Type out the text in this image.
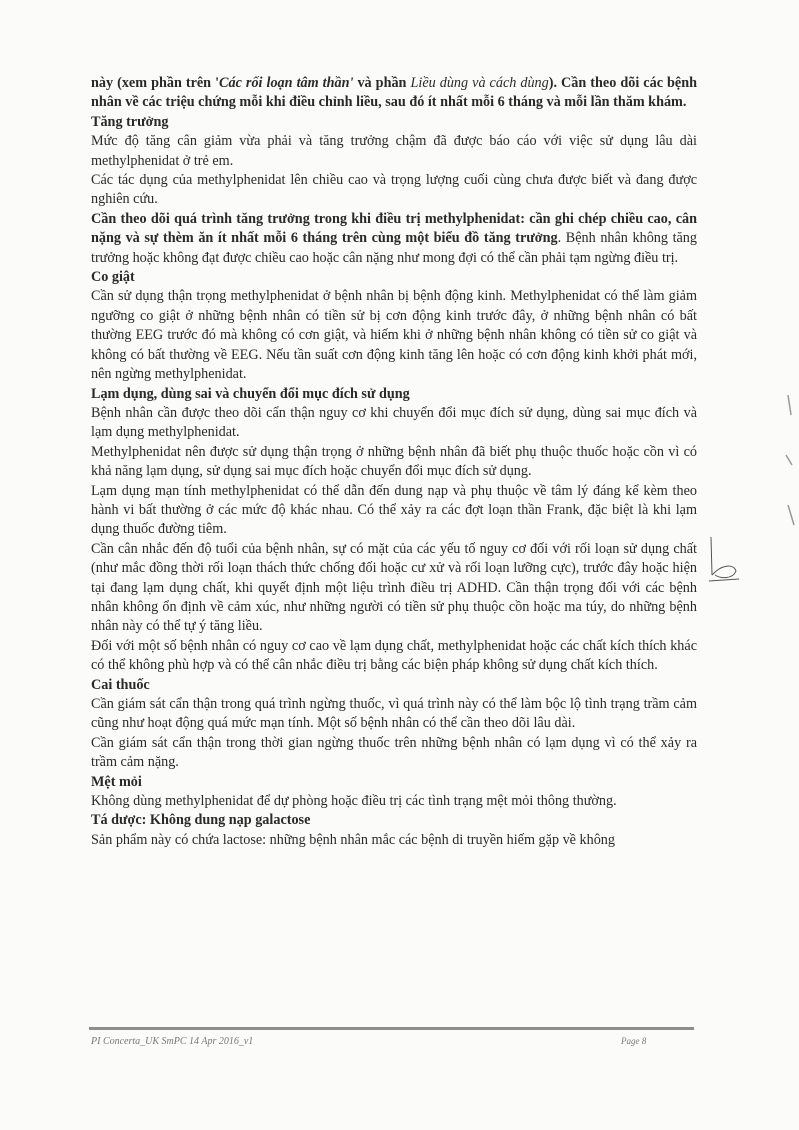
này (xem phần trên 'Các rối loạn tâm thần' và phần Liều dùng và cách dùng). Cần theo dõi các bệnh nhân về các triệu chứng mỗi khi điều chỉnh liều, sau đó ít nhất mỗi 6 tháng và mỗi lần thăm khám.

Tăng trưởng

Mức độ tăng cân giảm vừa phải và tăng trưởng chậm đã được báo cáo với việc sử dụng lâu dài methylphenidat ở trẻ em.

Các tác dụng của methylphenidat lên chiều cao và trọng lượng cuối cùng chưa được biết và đang được nghiên cứu.

Cần theo dõi quá trình tăng trưởng trong khi điều trị methylphenidat: cần ghi chép chiều cao, cân nặng và sự thèm ăn ít nhất mỗi 6 tháng trên cùng một biểu đồ tăng trưởng. Bệnh nhân không tăng trưởng hoặc không đạt được chiều cao hoặc cân nặng như mong đợi có thể cần phải tạm ngừng điều trị.

Co giật

Cần sử dụng thận trọng methylphenidat ở bệnh nhân bị bệnh động kinh. Methylphenidat có thể làm giảm ngưỡng co giật ở những bệnh nhân có tiền sử bị cơn động kinh trước đây, ở những bệnh nhân có bất thường EEG trước đó mà không có cơn giật, và hiếm khi ở những bệnh nhân không có tiền sử co giật và không có bất thường về EEG. Nếu tần suất cơn động kinh tăng lên hoặc có cơn động kinh khởi phát mới, nên ngừng methylphenidat.

Lạm dụng, dùng sai và chuyển đổi mục đích sử dụng

Bệnh nhân cần được theo dõi cẩn thận nguy cơ khi chuyển đổi mục đích sử dụng, dùng sai mục đích và lạm dụng methylphenidat.

Methylphenidat nên được sử dụng thận trọng ở những bệnh nhân đã biết phụ thuộc thuốc hoặc cồn vì có khả năng lạm dụng, sử dụng sai mục đích hoặc chuyển đổi mục đích sử dụng.

Lạm dụng mạn tính methylphenidat có thể dẫn đến dung nạp và phụ thuộc về tâm lý đáng kể kèm theo hành vi bất thường ở các mức độ khác nhau. Có thể xảy ra các đợt loạn thần Frank, đặc biệt là khi lạm dụng thuốc đường tiêm.

Cần cân nhắc đến độ tuổi của bệnh nhân, sự có mặt của các yếu tố nguy cơ đối với rối loạn sử dụng chất (như mắc đồng thời rối loạn thách thức chống đối hoặc cư xử và rối loạn lưỡng cực), trước đây hoặc hiện tại đang lạm dụng chất, khi quyết định một liệu trình điều trị ADHD. Cần thận trọng đối với các bệnh nhân không ổn định về cảm xúc, như những người có tiền sử phụ thuộc cồn hoặc ma túy, do những bệnh nhân này có thể tự ý tăng liều.

Đối với một số bệnh nhân có nguy cơ cao về lạm dụng chất, methylphenidat hoặc các chất kích thích khác có thể không phù hợp và có thể cân nhắc điều trị bằng các biện pháp không sử dụng chất kích thích.

Cai thuốc

Cần giám sát cẩn thận trong quá trình ngừng thuốc, vì quá trình này có thể làm bộc lộ tình trạng trầm cảm cũng như hoạt động quá mức mạn tính. Một số bệnh nhân có thể cần theo dõi lâu dài.

Cần giám sát cẩn thận trong thời gian ngừng thuốc trên những bệnh nhân có lạm dụng vì có thể xảy ra trầm cảm nặng.

Mệt mỏi

Không dùng methylphenidat để dự phòng hoặc điều trị các tình trạng mệt mỏi thông thường.

Tá dược: Không dung nạp galactose

Sản phẩm này có chứa lactose: những bệnh nhân mắc các bệnh di truyền hiếm gặp về không

PI Concerta_UK SmPC 14 Apr 2016_v1	Page 8
